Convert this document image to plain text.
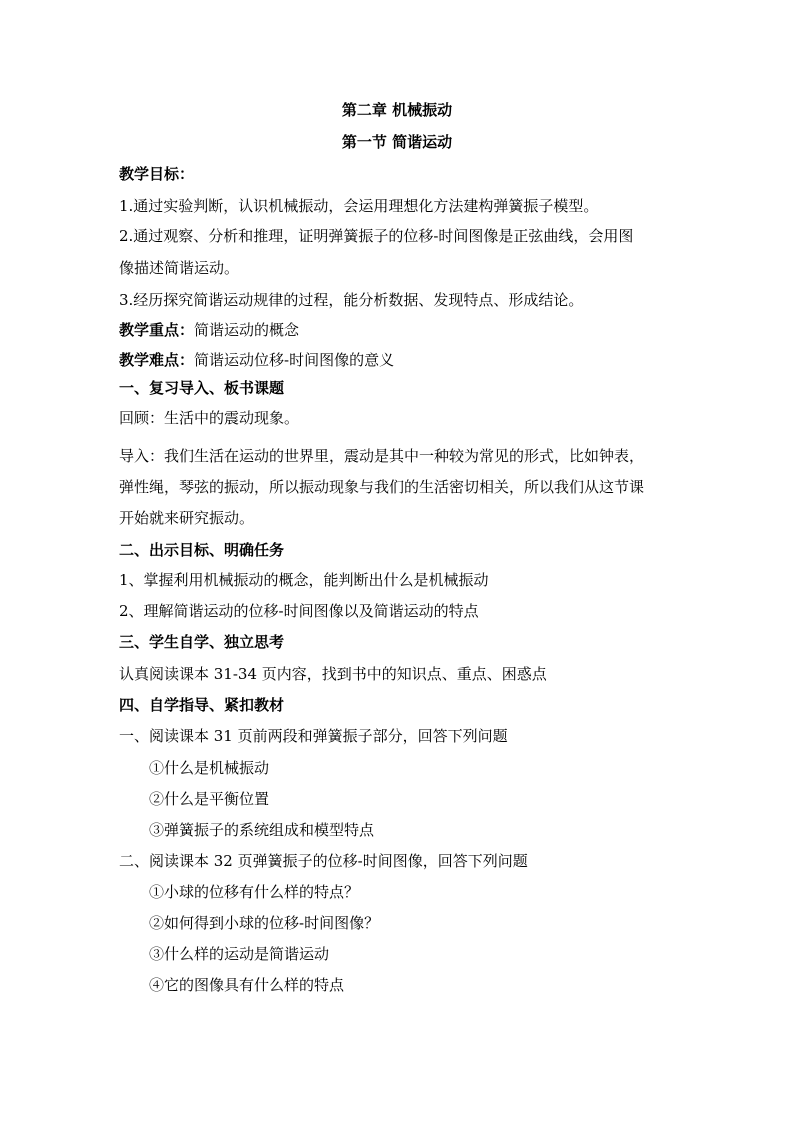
第二章 机械振动
第一节 简谐运动
教学目标：
1.通过实验判断，认识机械振动，会运用理想化方法建构弹簧振子模型。
2.通过观察、分析和推理，证明弹簧振子的位移-时间图像是正弦曲线，会用图
像描述简谐运动。
3.经历探究简谐运动规律的过程，能分析数据、发现特点、形成结论。
教学重点：简谐运动的概念
教学难点：简谐运动位移-时间图像的意义
一、复习导入、板书课题
回顾：生活中的震动现象。
导入：我们生活在运动的世界里，震动是其中一种较为常见的形式，比如钟表，
弹性绳，琴弦的振动，所以振动现象与我们的生活密切相关，所以我们从这节课
开始就来研究振动。
二、出示目标、明确任务
1、掌握利用机械振动的概念，能判断出什么是机械振动
2、理解简谐运动的位移-时间图像以及简谐运动的特点
三、学生自学、独立思考
认真阅读课本 31-34 页内容，找到书中的知识点、重点、困惑点
四、自学指导、紧扣教材
一、阅读课本 31 页前两段和弹簧振子部分，回答下列问题
①什么是机械振动
②什么是平衡位置
③弹簧振子的系统组成和模型特点
二、阅读课本 32 页弹簧振子的位移-时间图像，回答下列问题
①小球的位移有什么样的特点？
②如何得到小球的位移-时间图像？
③什么样的运动是简谐运动
④它的图像具有什么样的特点
